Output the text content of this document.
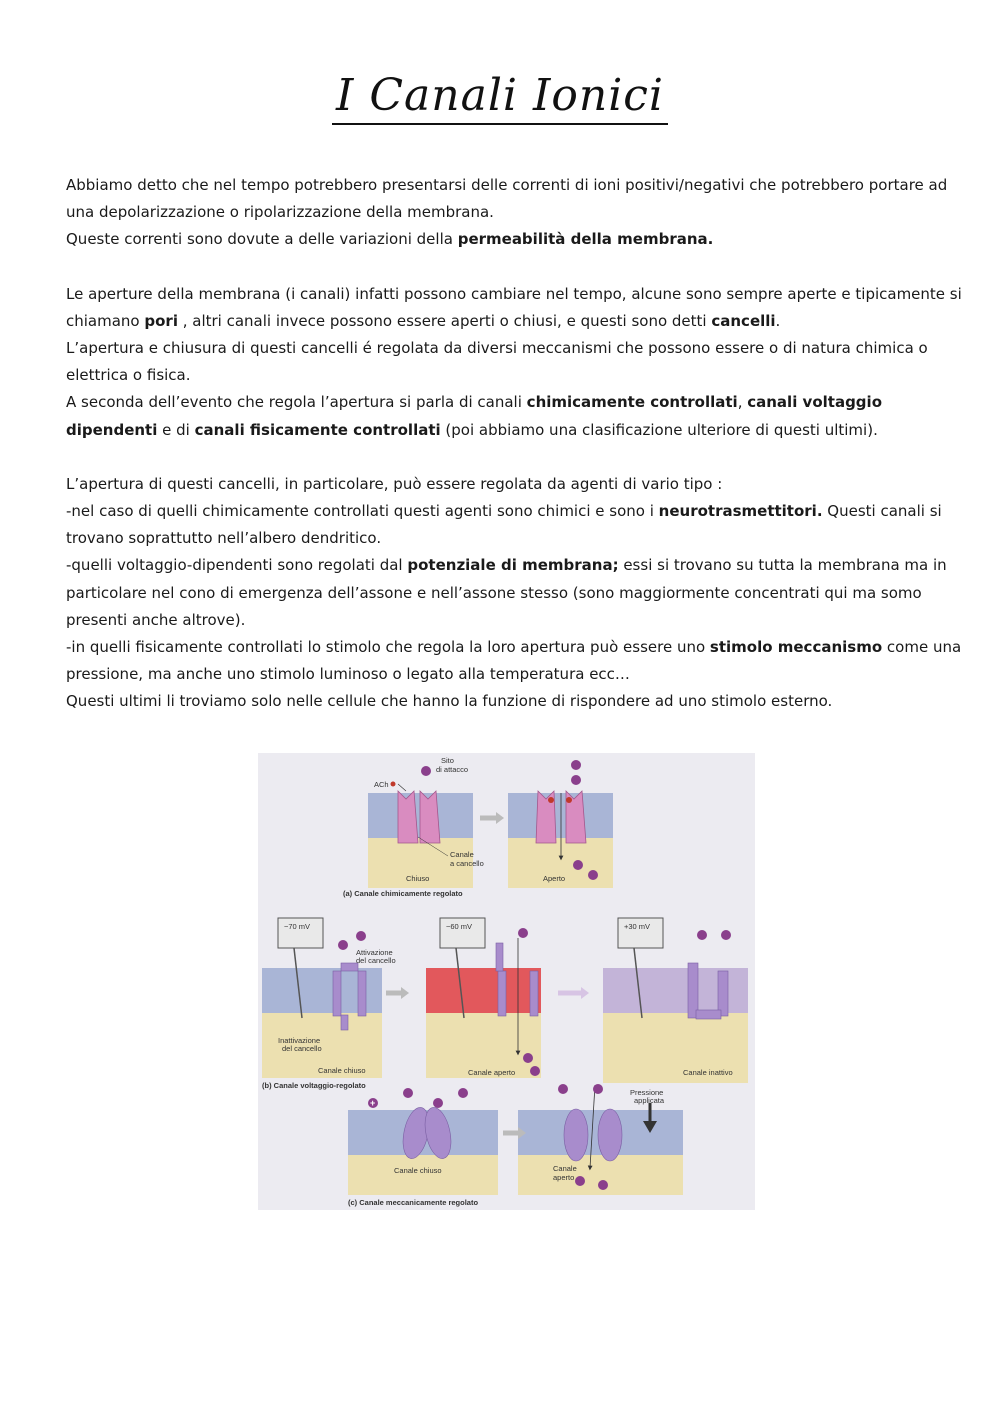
I Canali Ionici

Abbiamo detto che nel tempo potrebbero presentarsi delle correnti di ioni positivi/negativi che potrebbero portare ad una depolarizzazione o ripolarizzazione della membrana.

Queste correnti sono dovute a delle variazioni della permeabilità della membrana.

Le aperture della membrana (i canali) infatti possono cambiare nel tempo, alcune sono sempre aperte e tipicamente si chiamano pori , altri canali invece possono essere aperti o chiusi, e questi sono detti cancelli.

L’apertura e chiusura di questi cancelli é regolata da diversi meccanismi che possono essere o di natura chimica o elettrica o fisica.

A seconda dell’evento che regola l’apertura si parla di canali chimicamente controllati, canali voltaggio dipendenti e di canali fisicamente controllati (poi abbiamo una clasificazione ulteriore di questi ultimi).

L’apertura di questi cancelli, in particolare, può essere regolata da agenti di vario tipo :

-nel caso di quelli chimicamente controllati questi agenti sono chimici e sono i neurotrasmettitori. Questi canali si trovano soprattutto nell’albero dendritico.

-quelli voltaggio-dipendenti sono regolati dal potenziale di membrana; essi si trovano su tutta la membrana ma in particolare nel cono di emergenza dell’assone e nell’assone stesso (sono maggiormente concentrati qui ma somo presenti anche altrove).

-in quelli fisicamente controllati lo stimolo che regola la loro apertura può essere uno stimolo meccanismo come una pressione, ma anche uno stimolo luminoso o legato alla temperatura ecc…

Questi ultimi li troviamo solo nelle cellule che hanno la funzione di rispondere ad uno stimolo esterno.

ACh
Sito
di attacco
Canale
a cancello
Chiuso	Aperto
(a) Canale chimicamente regolato
−70 mV
Attivazione
del cancello
Inattivazione
del cancello
Canale chiuso
−60 mV
Canale aperto
+30 mV
Canale inattivo
(b) Canale voltaggio-regolato
+
Pressione
applicata
Canale chiuso	Canale
aperto
(c) Canale meccanicamente regolato
